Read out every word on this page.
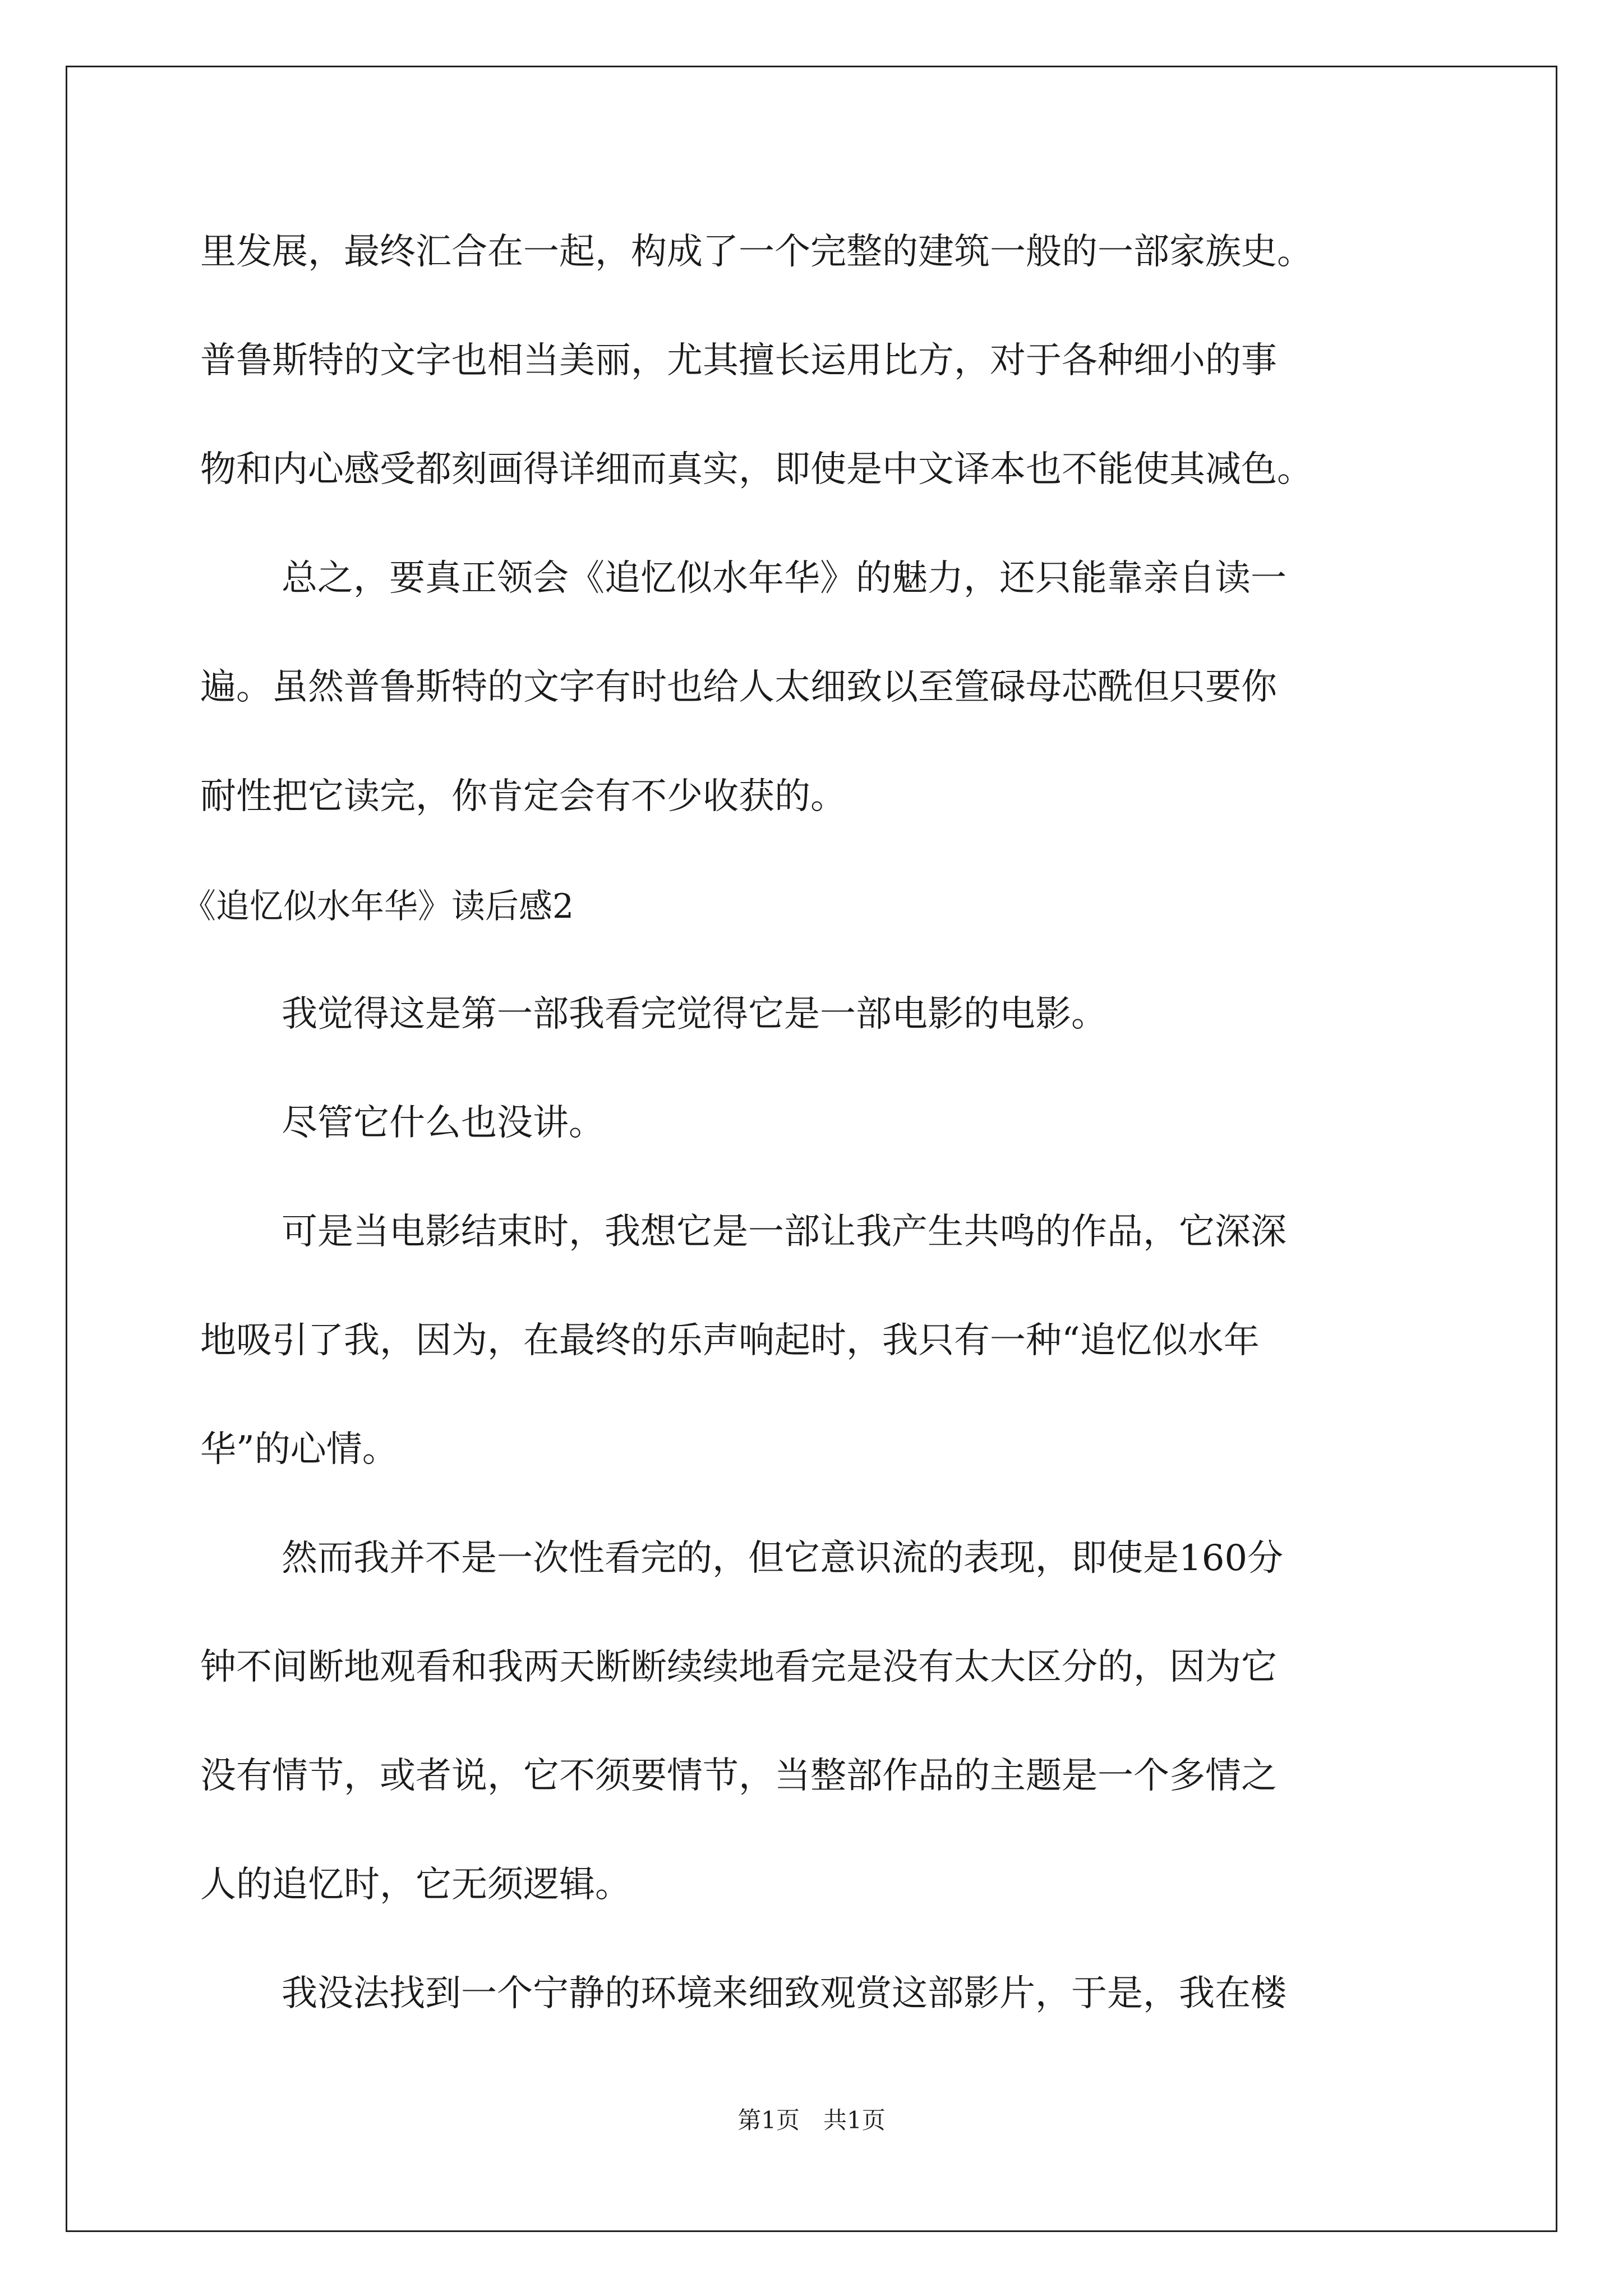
里发展，最终汇合在一起，构成了一个完整的建筑一般的一部家族史。

普鲁斯特的文字也相当美丽，尤其擅长运用比方，对于各种细小的事

物和内心感受都刻画得详细而真实，即使是中文译本也不能使其减色。

总之，要真正领会《追忆似水年华》的魅力，还只能靠亲自读一

遍。虽然普鲁斯特的文字有时也给人太细致以至箮碌母芯酰但只要你

耐性把它读完，你肯定会有不少收获的。

《追忆似水年华》读后感2

我觉得这是第一部我看完觉得它是一部电影的电影。

尽管它什么也没讲。

可是当电影结束时，我想它是一部让我产生共鸣的作品，它深深

地吸引了我，因为，在最终的乐声响起时，我只有一种“追忆似水年

华”的心情。

然而我并不是一次性看完的，但它意识流的表现，即使是160分

钟不间断地观看和我两天断断续续地看完是没有太大区分的，因为它

没有情节，或者说，它不须要情节，当整部作品的主题是一个多情之

人的追忆时，它无须逻辑。

我没法找到一个宁静的环境来细致观赏这部影片，于是，我在楼

第1页　共1页
